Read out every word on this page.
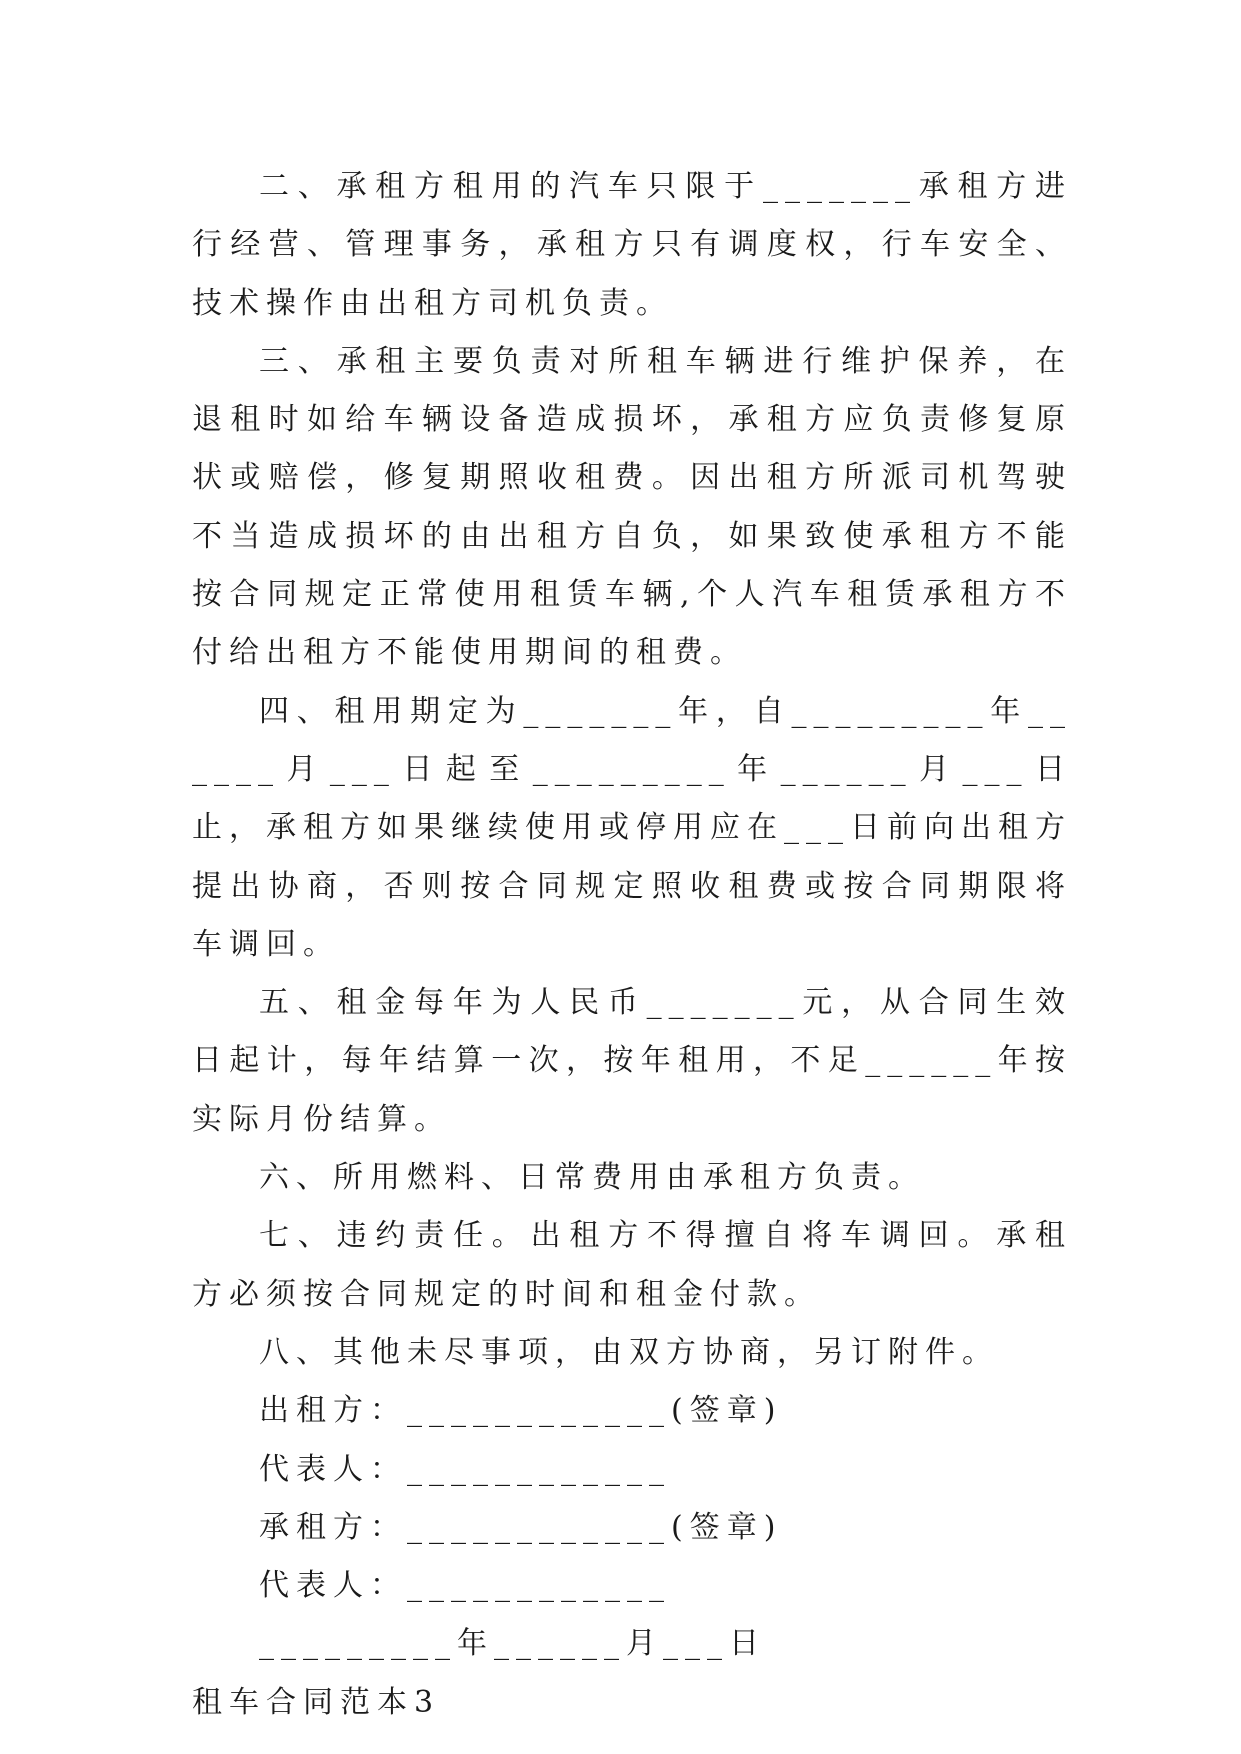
二、承租方租用的汽车只限于_______承租方进行经营、管理事务，承租方只有调度权，行车安全、技术操作由出租方司机负责。

三、承租主要负责对所租车辆进行维护保养，在退租时如给车辆设备造成损坏，承租方应负责修复原状或赔偿，修复期照收租费。因出租方所派司机驾驶不当造成损坏的由出租方自负，如果致使承租方不能按合同规定正常使用租赁车辆,个人汽车租赁承租方不付给出租方不能使用期间的租费。

四、租用期定为_______年，自_________年______月___日起至_________年______月___日止，承租方如果继续使用或停用应在___日前向出租方提出协商，否则按合同规定照收租费或按合同期限将车调回。

五、租金每年为人民币_______元，从合同生效日起计，每年结算一次，按年租用，不足______年按实际月份结算。

六、所用燃料、日常费用由承租方负责。

七、违约责任。出租方不得擅自将车调回。承租方必须按合同规定的时间和租金付款。

八、其他未尽事项，由双方协商，另订附件。

出租方：____________(签章)

代表人：____________

承租方：____________(签章)

代表人：____________

_________年______月___日

租车合同范本3
